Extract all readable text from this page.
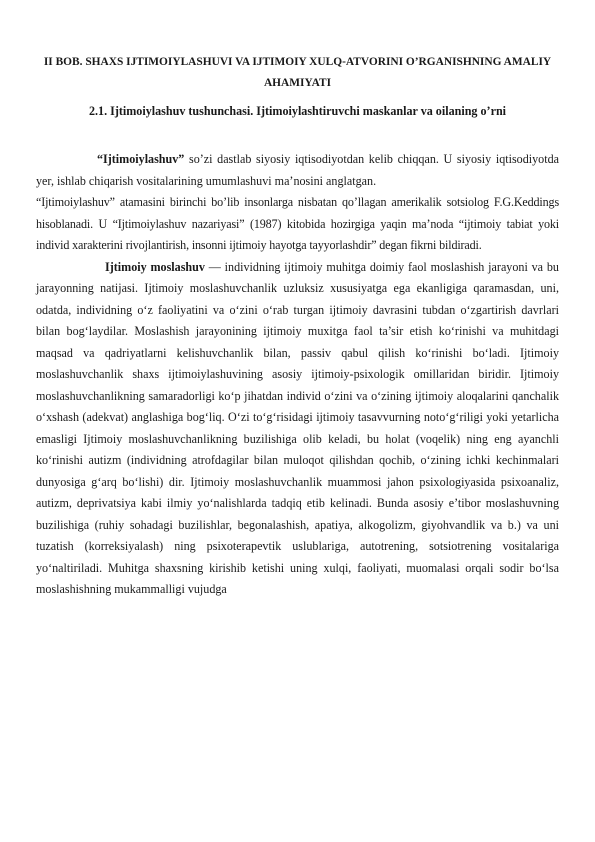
II BOB. SHAXS IJTIMOIYLASHUVI VA IJTIMOIY XULQ-ATVORINI O’RGANISHNING AMALIY AHAMIYATI
2.1. Ijtimoiylashuv tushunchasi. Ijtimoiylashtiruvchi maskanlar va oilaning o’rni

“Ijtimoiylashuv” so’zi dastlab siyosiy iqtisodiyotdan kelib chiqqan. U siyosiy iqtisodiyotda yer, ishlab chiqarish vositalarining umumlashuvi ma’nosini anglatgan.

“Ijtimoiylashuv” atamasini birinchi bo’lib insonlarga nisbatan qo’llagan amerikalik sotsiolog F.G.Keddings hisoblanadi. U “Ijtimoiylashuv nazariyasi” (1987) kitobida hozirgiga yaqin ma’noda “ijtimoiy tabiat yoki individ xarakterini rivojlantirish, insonni ijtimoiy hayotga tayyorlashdir” degan fikrni bildiradi.

Ijtimoiy moslashuv — individning ijtimoiy muhitga doimiy faol moslashish jarayoni va bu jarayonning natijasi. Ijtimoiy moslashuvchanlik uzluksiz xususiyatga ega ekanligiga qaramasdan, uni, odatda, individning o‘z faoliyatini va o‘zini o‘rab turgan ijtimoiy davrasini tubdan o‘zgartirish davrlari bilan bog‘laydilar. Moslashish jarayonining ijtimoiy muxitga faol ta’sir etish ko‘rinishi va muhitdagi maqsad va qadriyatlarni kelishuvchanlik bilan, passiv qabul qilish ko‘rinishi bo‘ladi. Ijtimoiy moslashuvchanlik shaxs ijtimoiylashuvining asosiy ijtimoiy-psixologik omillaridan biridir. Ijtimoiy moslashuvchanlikning samaradorligi ko‘p jihatdan individ o‘zini va o‘zining ijtimoiy aloqalarini qanchalik o‘xshash (adekvat) anglashiga bog‘liq. O‘zi to‘g‘risidagi ijtimoiy tasavvurning noto‘g‘riligi yoki yetarlicha emasligi Ijtimoiy moslashuvchanlikning buzilishiga olib keladi, bu holat (voqelik) ning eng ayanchli ko‘rinishi autizm (individning atrofdagilar bilan muloqot qilishdan qochib, o‘zining ichki kechinmalari dunyosiga g‘arq bo‘lishi) dir. Ijtimoiy moslashuvchanlik muammosi jahon psixologiyasida psixoanaliz, autizm, deprivatsiya kabi ilmiy yo‘nalishlarda tadqiq etib kelinadi. Bunda asosiy e’tibor moslashuvning buzilishiga (ruhiy sohadagi buzilishlar, begonalashish, apatiya, alkogolizm, giyohvandlik va b.) va uni tuzatish (korreksiyalash) ning psixoterapevtik uslublariga, autotrening, sotsiotrening vositalariga yo‘naltiriladi. Muhitga shaxsning kirishib ketishi uning xulqi, faoliyati, muomalasi orqali sodir bo‘lsa moslashishning mukammalligi vujudga
